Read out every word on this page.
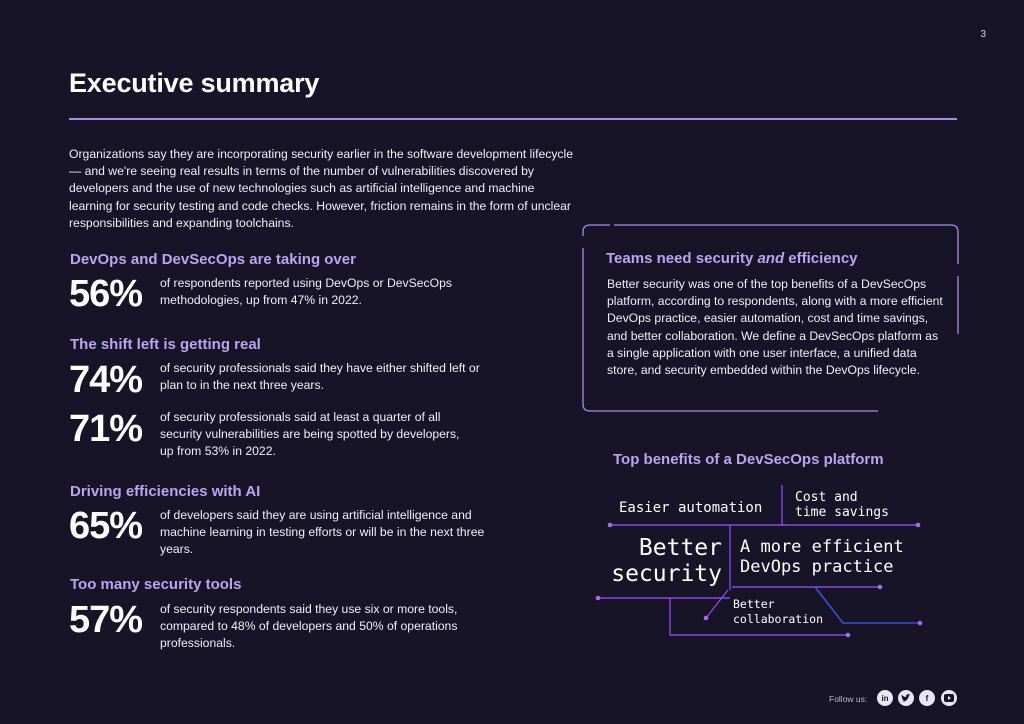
3
Executive summary
Organizations say they are incorporating security earlier in the software development lifecycle — and we're seeing real results in terms of the number of vulnerabilities discovered by developers and the use of new technologies such as artificial intelligence and machine learning for security testing and code checks. However, friction remains in the form of unclear responsibilities and expanding toolchains.
DevOps and DevSecOps are taking over
56% of respondents reported using DevOps or DevSecOps methodologies, up from 47% in 2022.
The shift left is getting real
74% of security professionals said they have either shifted left or plan to in the next three years.
71% of security professionals said at least a quarter of all security vulnerabilities are being spotted by developers, up from 53% in 2022.
Driving efficiencies with AI
65% of developers said they are using artificial intelligence and machine learning in testing efforts or will be in the next three years.
Too many security tools
57% of security respondents said they use six or more tools, compared to 48% of developers and 50% of operations professionals.
Teams need security and efficiency
Better security was one of the top benefits of a DevSecOps platform, according to respondents, along with a more efficient DevOps practice, easier automation, cost and time savings, and better collaboration. We define a DevSecOps platform as a single application with one user interface, a unified data store, and security embedded within the DevOps lifecycle.
Top benefits of a DevSecOps platform
Easier automation
Cost and
time savings
Better
security
A more efficient
DevOps practice
Better
collaboration
Follow us:	in	f
